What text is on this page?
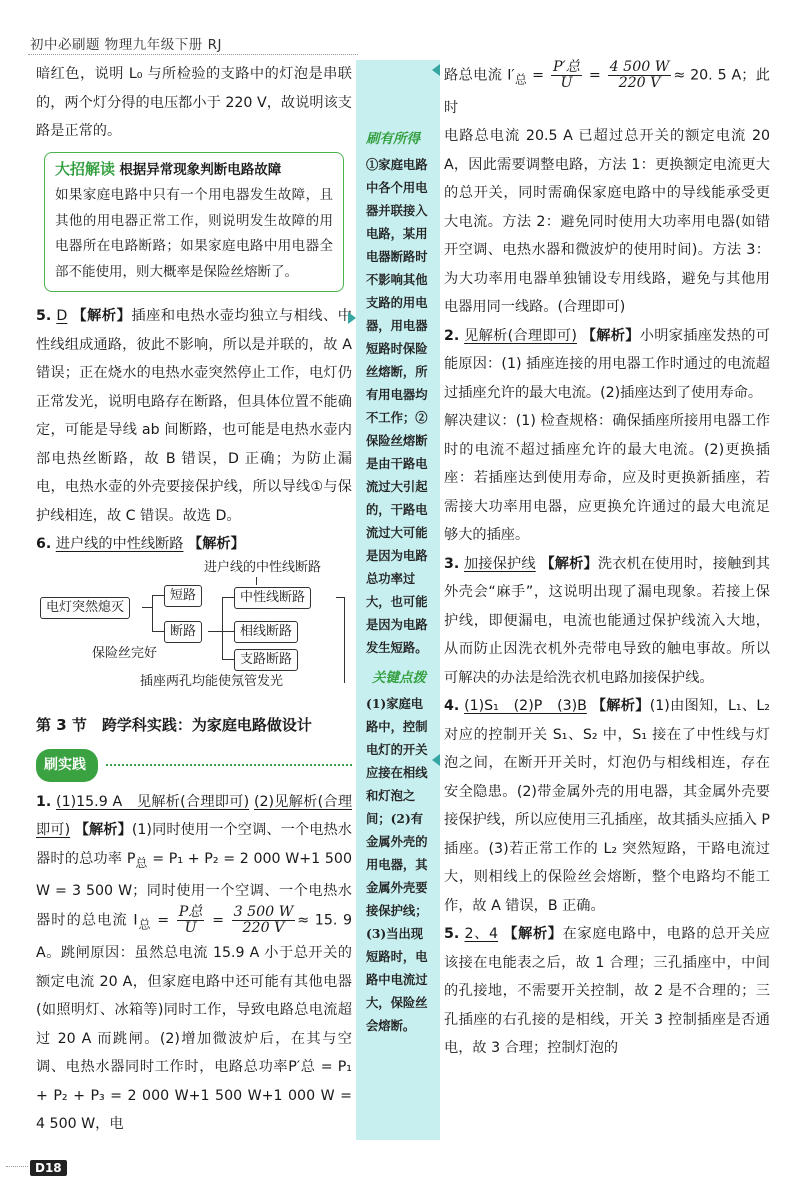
初中必刷题 物理九年级下册 RJ

暗红色，说明 L₀ 与所检验的支路中的灯泡是串联的，两个灯分得的电压都小于 220 V，故说明该支路是正常的。

大招解读 根据异常现象判断电路故障
如果家庭电路中只有一个用电器发生故障，且其他的用电器正常工作，则说明发生故障的用电器所在电路断路；如果家庭电路中用电器全部不能使用，则大概率是保险丝熔断了。

5. D 【解析】插座和电热水壶均独立与相线、中性线组成通路，彼此不影响，所以是并联的，故 A 错误；正在烧水的电热水壶突然停止工作，电灯仍正常发光，说明电路存在断路，但具体位置不能确定，可能是导线 ab 间断路，也可能是电热水壶内部电热丝断路，故 B 错误，D 正确；为防止漏电，电热水壶的外壳要接保护线，所以导线①与保护线相连，故 C 错误。故选 D。

6. 进户线的中性线断路 【解析】

进户线的中性线断路
电灯突然熄灭
短路
断路
保险丝完好
中性线断路
相线断路
支路断路
插座两孔均能使氖管发光
第 3 节　跨学科实践：为家庭电路做设计
刷实践

1. (1)15.9 A　见解析(合理即可) (2)见解析(合理即可) 【解析】(1)同时使用一个空调、一个电热水器时的总功率 $P_总 = P_1 + P_2 = 2$ 000 W+1 500 W = 3 500 W；同时使用一个空调、一个电热水器时的总电流 $I_总 = \frac{\text{P总}}{U} = \frac{3 500 W}{220 V} \approx 15$. 9 A。跳闸原因：虽然总电流 15.9 A 小于总开关的额定电流 20 A，但家庭电路中还可能有其他电器(如照明灯、冰箱等)同时工作，导致电路总电流超过 20 A 而跳闸。(2)增加微波炉后，在其与空调、电热水器同时工作时，电路总功率P′总 = P₁ + P₂ + P₃ = 2 000 W+1 500 W+1 000 W = 4 500 W，电

刷有所得
①家庭电路中各个用电器并联接入电路，某用电器断路时不影响其他支路的用电器，用电器短路时保险丝熔断，所有用电器均不工作；②保险丝熔断是由干路电流过大引起的，干路电流过大可能是因为电路总功率过大，也可能是因为电路发生短路。
关键点拨
(1)家庭电路中，控制电灯的开关应接在相线和灯泡之间；(2)有金属外壳的用电器，其金属外壳要接保护线；(3)当出现短路时，电路中电流过大，保险丝会熔断。

路总电流 $I'_总 = \frac{\text{P′总}}{U} = \frac{4 500 W}{220 V} \approx 20$. 5 A；此时

电路总电流 20.5 A 已超过总开关的额定电流 20 A，因此需要调整电路，方法 1：更换额定电流更大的总开关，同时需确保家庭电路中的导线能承受更大电流。方法 2：避免同时使用大功率用电器(如错开空调、电热水器和微波炉的使用时间)。方法 3：为大功率用电器单独铺设专用线路，避免与其他用电器用同一线路。(合理即可)

2. 见解析(合理即可) 【解析】小明家插座发热的可能原因：(1) 插座连接的用电器工作时通过的电流超过插座允许的最大电流。(2)插座达到了使用寿命。

解决建议：(1) 检查规格：确保插座所接用电器工作时的电流不超过插座允许的最大电流。(2)更换插座：若插座达到使用寿命，应及时更换新插座，若需接大功率用电器，应更换允许通过的最大电流足够大的插座。

3. 加接保护线 【解析】洗衣机在使用时，接触到其外壳会“麻手”，这说明出现了漏电现象。若接上保护线，即便漏电，电流也能通过保护线流入大地，从而防止因洗衣机外壳带电导致的触电事故。所以可解决的办法是给洗衣机电路加接保护线。

4. (1)S₁　(2)P　(3)B 【解析】(1)由图知，L₁、L₂ 对应的控制开关 S₁、S₂ 中，S₁ 接在了中性线与灯泡之间，在断开开关时，灯泡仍与相线相连，存在安全隐患。(2)带金属外壳的用电器，其金属外壳要接保护线，所以应使用三孔插座，故其插头应插入 P 插座。(3)若正常工作的 L₂ 突然短路，干路电流过大，则相线上的保险丝会熔断，整个电路均不能工作，故 A 错误，B 正确。

5. 2、4 【解析】在家庭电路中，电路的总开关应该接在电能表之后，故 1 合理；三孔插座中，中间的孔接地，不需要开关控制，故 2 是不合理的；三孔插座的右孔接的是相线，开关 3 控制插座是否通电，故 3 合理；控制灯泡的

D18
